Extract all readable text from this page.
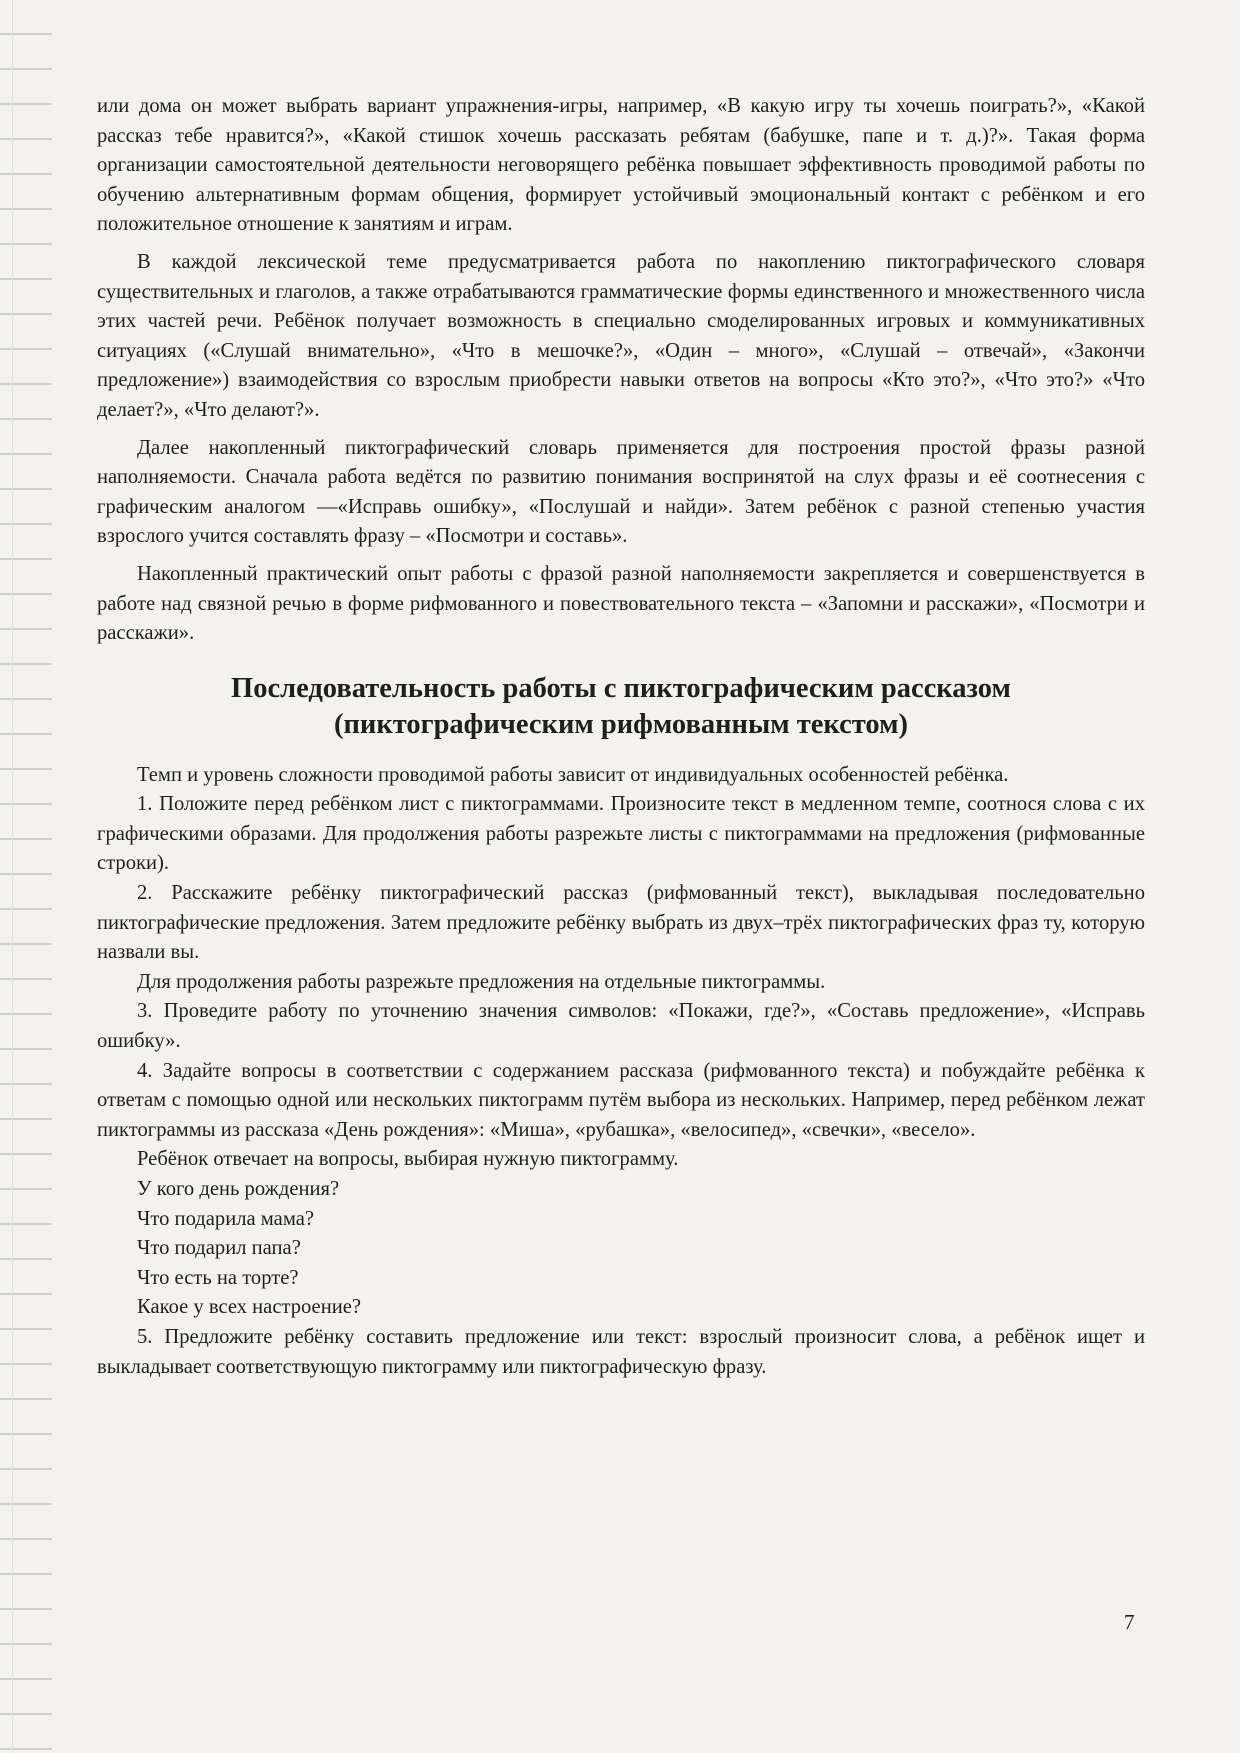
или дома он может выбрать вариант упражнения-игры, например, «В какую игру ты хочешь поиграть?», «Какой рассказ тебе нравится?», «Какой стишок хочешь рассказать ребятам (бабушке, папе и т. д.)?». Такая форма организации самостоятельной деятельности неговорящего ребёнка повышает эффективность проводимой работы по обучению альтернативным формам общения, формирует устойчивый эмоциональный контакт с ребёнком и его положительное отношение к занятиям и играм.

В каждой лексической теме предусматривается работа по накоплению пиктографического словаря существительных и глаголов, а также отрабатываются грамматические формы единственного и множественного числа этих частей речи. Ребёнок получает возможность в специально смоделированных игровых и коммуникативных ситуациях («Слушай внимательно», «Что в мешочке?», «Один – много», «Слушай – отвечай», «Закончи предложение») взаимодействия со взрослым приобрести навыки ответов на вопросы «Кто это?», «Что это?» «Что делает?», «Что делают?».

Далее накопленный пиктографический словарь применяется для построения простой фразы разной наполняемости. Сначала работа ведётся по развитию понимания воспринятой на слух фразы и её соотнесения с графическим аналогом —«Исправь ошибку», «Послушай и найди». Затем ребёнок с разной степенью участия взрослого учится составлять фразу – «Посмотри и составь».

Накопленный практический опыт работы с фразой разной наполняемости закрепляется и совершенствуется в работе над связной речью в форме рифмованного и повествовательного текста – «Запомни и расскажи», «Посмотри и расскажи».

Последовательность работы с пиктографическим рассказом
(пиктографическим рифмованным текстом)

Темп и уровень сложности проводимой работы зависит от индивидуальных особенностей ребёнка.

1. Положите перед ребёнком лист с пиктограммами. Произносите текст в медленном темпе, соотнося слова с их графическими образами. Для продолжения работы разрежьте листы с пиктограммами на предложения (рифмованные строки).

2. Расскажите ребёнку пиктографический рассказ (рифмованный текст), выкладывая последовательно пиктографические предложения. Затем предложите ребёнку выбрать из двух–трёх пиктографических фраз ту, которую назвали вы.

Для продолжения работы разрежьте предложения на отдельные пиктограммы.

3. Проведите работу по уточнению значения символов: «Покажи, где?», «Составь предложение», «Исправь ошибку».

4. Задайте вопросы в соответствии с содержанием рассказа (рифмованного текста) и побуждайте ребёнка к ответам с помощью одной или нескольких пиктограмм путём выбора из нескольких. Например, перед ребёнком лежат пиктограммы из рассказа «День рождения»: «Миша», «рубашка», «велосипед», «свечки», «весело».

Ребёнок отвечает на вопросы, выбирая нужную пиктограмму.

У кого день рождения?

Что подарила мама?

Что подарил папа?

Что есть на торте?

Какое у всех настроение?

5. Предложите ребёнку составить предложение или текст: взрослый произносит слова, а ребёнок ищет и выкладывает соответствующую пиктограмму или пиктографическую фразу.

7
